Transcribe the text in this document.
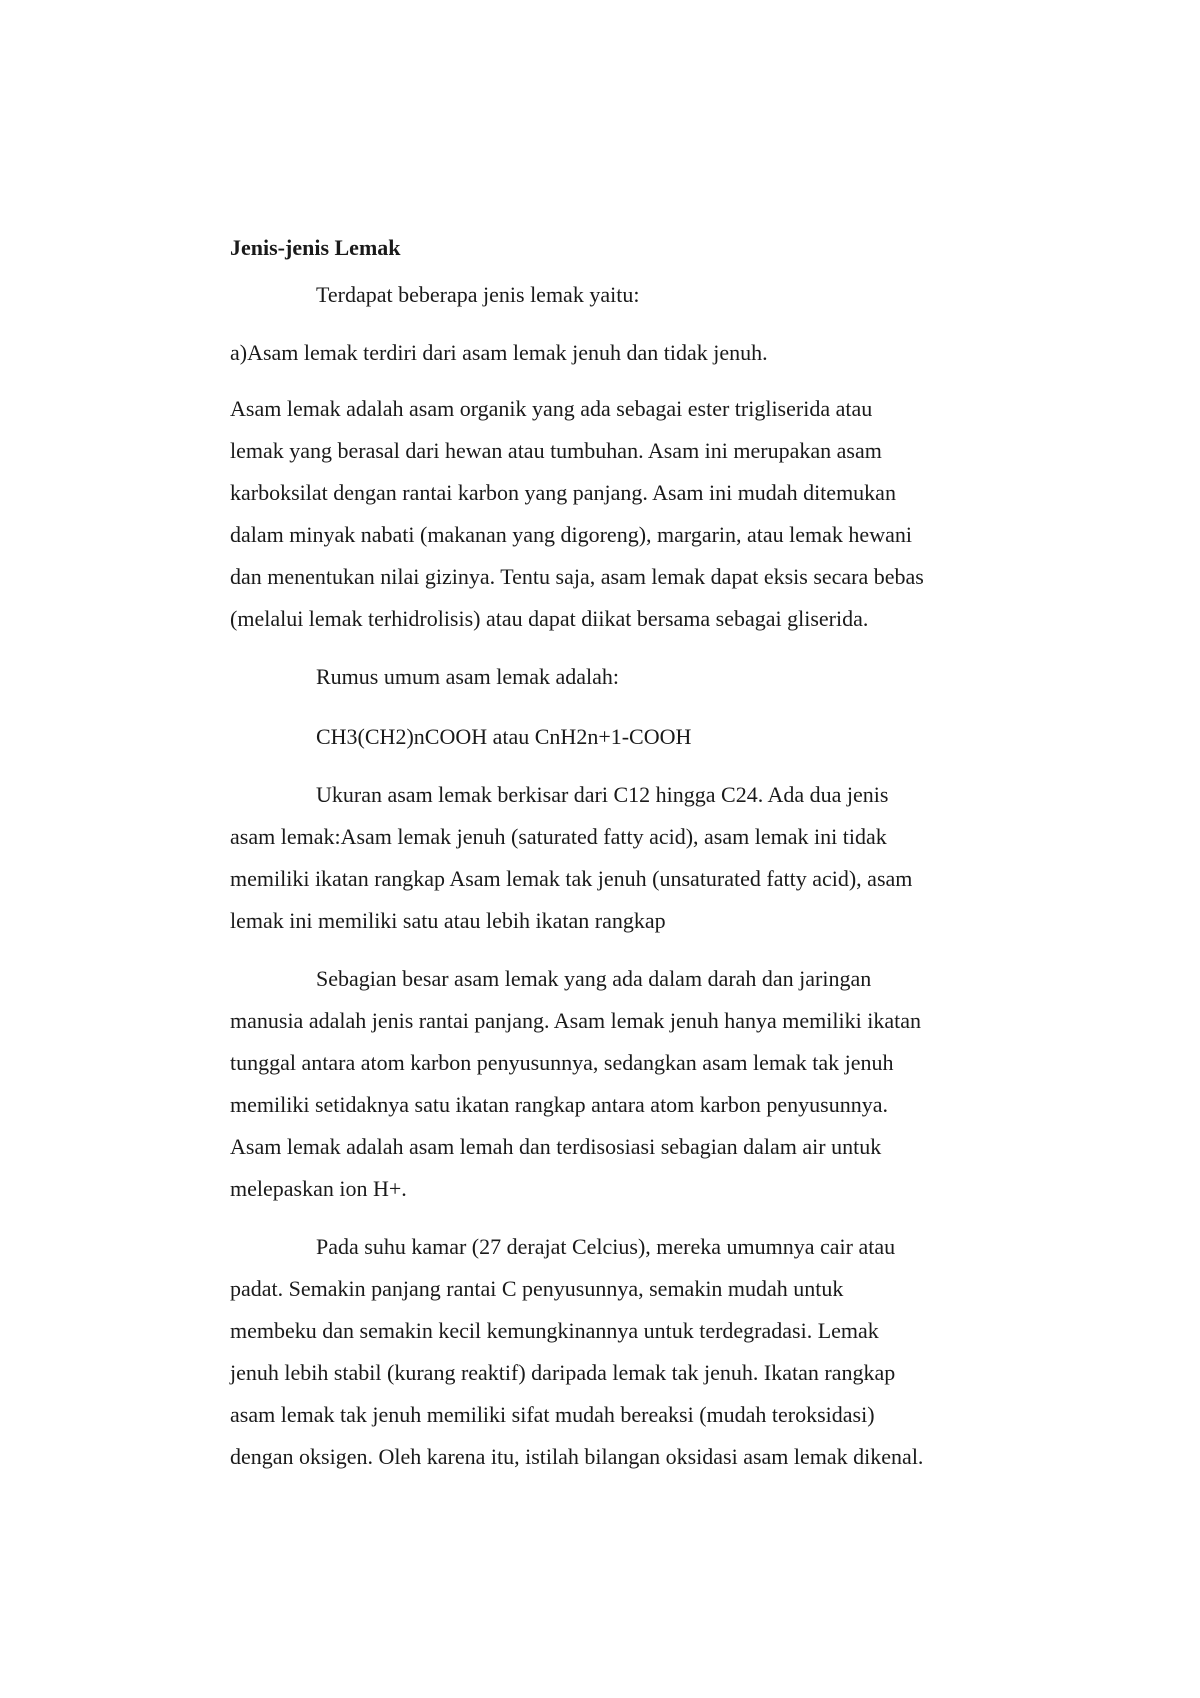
Jenis-jenis Lemak

Terdapat beberapa jenis lemak yaitu:

a)Asam lemak terdiri dari asam lemak jenuh dan tidak jenuh.

Asam lemak adalah asam organik yang ada sebagai ester trigliserida atau
lemak yang berasal dari hewan atau tumbuhan. Asam ini merupakan asam
karboksilat dengan rantai karbon yang panjang. Asam ini mudah ditemukan
dalam minyak nabati (makanan yang digoreng), margarin, atau lemak hewani
dan menentukan nilai gizinya. Tentu saja, asam lemak dapat eksis secara bebas
(melalui lemak terhidrolisis) atau dapat diikat bersama sebagai gliserida.

Rumus umum asam lemak adalah:

CH3(CH2)nCOOH atau CnH2n+1-COOH

Ukuran asam lemak berkisar dari C12 hingga C24. Ada dua jenis
asam lemak:Asam lemak jenuh (saturated fatty acid), asam lemak ini tidak
memiliki ikatan rangkap Asam lemak tak jenuh (unsaturated fatty acid), asam
lemak ini memiliki satu atau lebih ikatan rangkap
Sebagian besar asam lemak yang ada dalam darah dan jaringan
manusia adalah jenis rantai panjang. Asam lemak jenuh hanya memiliki ikatan
tunggal antara atom karbon penyusunnya, sedangkan asam lemak tak jenuh
memiliki setidaknya satu ikatan rangkap antara atom karbon penyusunnya.
Asam lemak adalah asam lemah dan terdisosiasi sebagian dalam air untuk
melepaskan ion H+.
Pada suhu kamar (27 derajat Celcius), mereka umumnya cair atau
padat. Semakin panjang rantai C penyusunnya, semakin mudah untuk
membeku dan semakin kecil kemungkinannya untuk terdegradasi. Lemak
jenuh lebih stabil (kurang reaktif) daripada lemak tak jenuh. Ikatan rangkap
asam lemak tak jenuh memiliki sifat mudah bereaksi (mudah teroksidasi)
dengan oksigen. Oleh karena itu, istilah bilangan oksidasi asam lemak dikenal.
